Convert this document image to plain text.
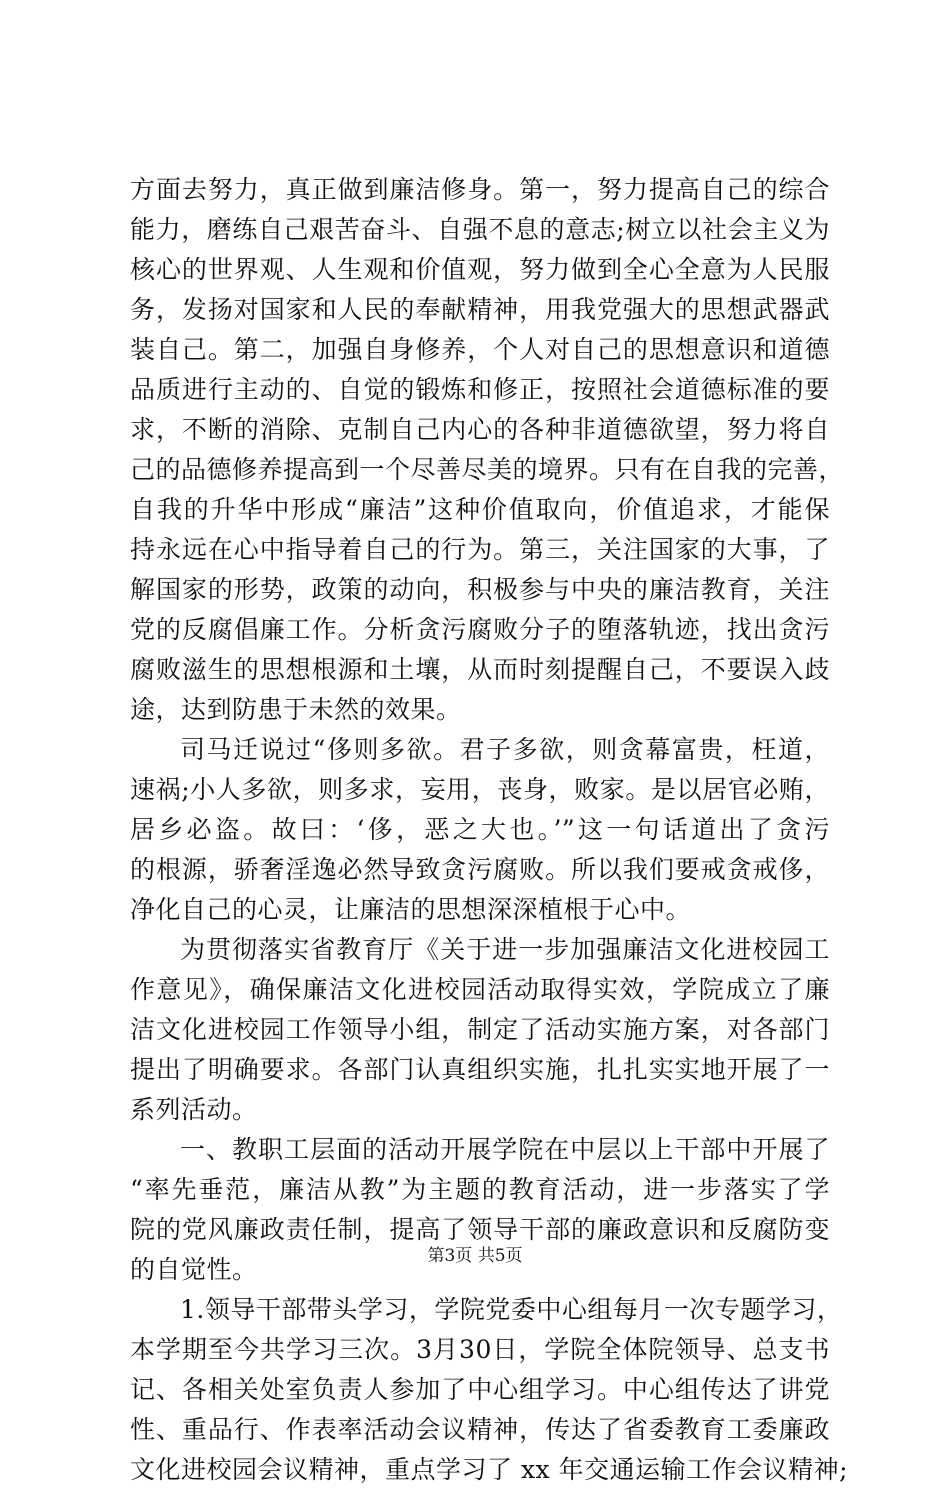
方面去努力，真正做到廉洁修身。第一，努力提高自己的综合
能力，磨练自己艰苦奋斗、自强不息的意志;树立以社会主义为
核心的世界观、人生观和价值观，努力做到全心全意为人民服
务，发扬对国家和人民的奉献精神，用我党强大的思想武器武
装自己。第二，加强自身修养，个人对自己的思想意识和道德
品质进行主动的、自觉的锻炼和修正，按照社会道德标准的要
求，不断的消除、克制自己内心的各种非道德欲望，努力将自
己的品德修养提高到一个尽善尽美的境界。只有在自我的完善，
自我的升华中形成“廉洁”这种价值取向，价值追求，才能保
持永远在心中指导着自己的行为。第三，关注国家的大事，了
解国家的形势，政策的动向，积极参与中央的廉洁教育，关注
党的反腐倡廉工作。分析贪污腐败分子的堕落轨迹，找出贪污
腐败滋生的思想根源和土壤，从而时刻提醒自己，不要误入歧
途，达到防患于未然的效果。
司马迁说过“侈则多欲。君子多欲，则贪幕富贵，枉道，
速祸;小人多欲，则多求，妄用，丧身，败家。是以居官必贿，
居乡必盗。故曰：‘侈，恶之大也。’”这一句话道出了贪污
的根源，骄奢淫逸必然导致贪污腐败。所以我们要戒贪戒侈，
净化自己的心灵，让廉洁的思想深深植根于心中。
为贯彻落实省教育厅《关于进一步加强廉洁文化进校园工
作意见》，确保廉洁文化进校园活动取得实效，学院成立了廉
洁文化进校园工作领导小组，制定了活动实施方案，对各部门
提出了明确要求。各部门认真组织实施，扎扎实实地开展了一
系列活动。
一、教职工层面的活动开展学院在中层以上干部中开展了
“率先垂范，廉洁从教”为主题的教育活动，进一步落实了学
院的党风廉政责任制，提高了领导干部的廉政意识和反腐防变
的自觉性。
1.领导干部带头学习，学院党委中心组每月一次专题学习，
本学期至今共学习三次。3月30日，学院全体院领导、总支书
记、各相关处室负责人参加了中心组学习。中心组传达了讲党
性、重品行、作表率活动会议精神，传达了省委教育工委廉政
文化进校园会议精神，重点学习了 xx 年交通运输工作会议精神;
第3页 共5页
